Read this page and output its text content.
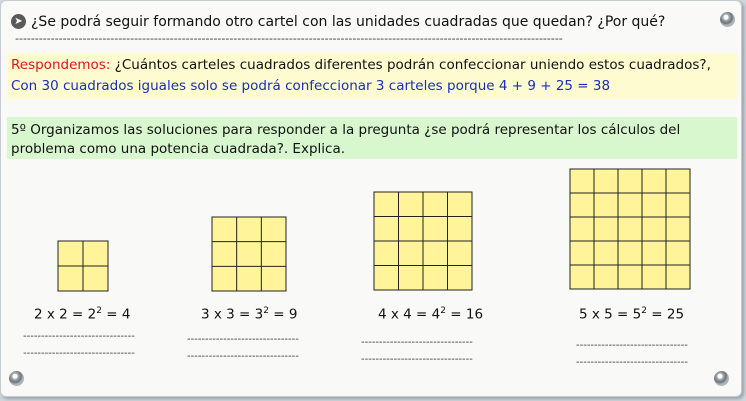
➤ ¿Se podrá seguir formando otro cartel con las unidades cuadradas que quedan? ¿Por qué?
------------------------------------------------------------------------------------------------------------------------------------------
Respondemos: ¿Cuántos carteles cuadrados diferentes podrán confeccionar uniendo estos cuadrados?,
Con 30 cuadrados iguales solo se podrá confeccionar 3 carteles porque 4 + 9 + 25 = 38
5º Organizamos las soluciones para responder a la pregunta ¿se podrá representar los cálculos del problema como una potencia cuadrada?. Explica.
2 x $2 = 2^2 = 4$	3 x $3 = 3^2 = 9$	4 x $4 = 4^2 = 16$	5 x $5 = 5^2 = 25$
-------------------------------
-------------------------------
-------------------------------
-------------------------------
-------------------------------
-------------------------------
-------------------------------
-------------------------------
